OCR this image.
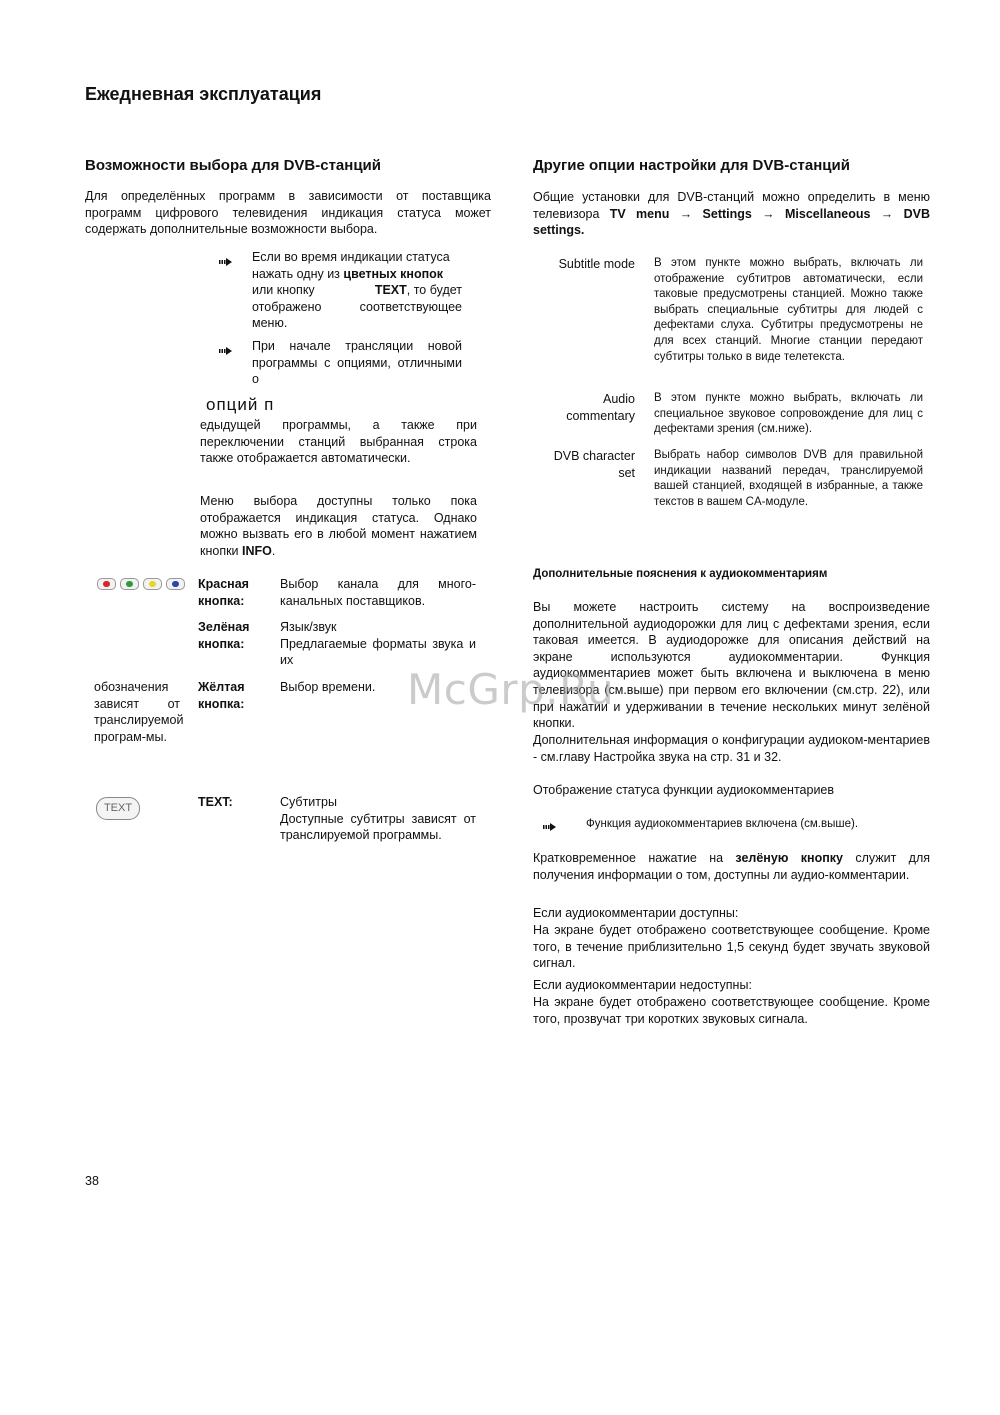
Ежедневная эксплуатация
Возможности выбора для DVB-станций
Для определённых программ в зависимости от поставщика программ цифрового телевидения индикация статуса может содержать дополнительные возможности выбора.
Если во время индикации статуса
нажать одну из цветных кнопок
или кнопку	TEXT, то будет
отображено соответствующее
меню.
При начале трансляции новой
программы с опциями, отличными
о
опций п
едыдущей программы, а также при переключении станций выбранная строка также отображается автоматически.
Меню выбора доступны только пока отображается индикация статуса. Однако можно вызвать его в любой момент нажатием кнопки INFO.
Красная кнопка:
Выбор канала для много-канальных поставщиков.
Зелёная кнопка:
Язык/звук
Предлагаемые форматы звука и их
обозначения зависят от транслируемой програм-мы.
Жёлтая кнопка:
Выбор времени.
TEXT	TEXT:	Субтитры
Доступные субтитры зависят от транслируемой программы.
Другие опции настройки для DVB-станций
Общие установки для DVB-станций можно определить в меню телевизора TV menu → Settings → Miscellaneous → DVB settings.
Subtitle mode В этом пункте можно выбрать, включать ли отображение субтитров автоматически, если таковые предусмотрены станцией. Можно также выбрать специальные субтитры для людей с дефектами слуха. Субтитры предусмотрены не для всех станций. Многие станции передают субтитры только в виде телетекста.
Audio
commentary
В этом пункте можно выбрать, включать ли специальное звуковое сопровождение для лиц с дефектами зрения (см.ниже).
DVB character
set
Выбрать набор символов DVB для правильной индикации названий передач, транслируемой вашей станцией, входящей в избранные, а также текстов в вашем CA-модуле.
Дополнительные пояснения к аудиокомментариям
Вы можете настроить систему на воспроизведение дополнительной аудиодорожки для лиц с дефектами зрения, если таковая имеется. В аудиодорожке для описания действий на экране используются аудиокомментарии. Функция аудиокомментариев может быть включена и выключена в меню телевизора (см.выше) при первом его включении (см.стр. 22), или при нажатии и удерживании в течение нескольких минут зелёной кнопки.
Дополнительная информация о конфигурации аудиоком-ментариев - см.главу Настройка звука на стр. 31 и 32.
Отображение статуса функции аудиокомментариев
Функция аудиокомментариев включена (см.выше).
Кратковременное нажатие на зелёную кнопку служит для получения информации о том, доступны ли аудио-комментарии.
Если аудиокомментарии доступны:
На экране будет отображено соответствующее сообщение. Кроме того, в течение приблизительно 1,5 секунд будет звучать звуковой сигнал.
Если аудиокомментарии недоступны:
На экране будет отображено соответствующее сообщение. Кроме того, прозвучат три коротких звуковых сигнала.
McGrp.Ru
38
